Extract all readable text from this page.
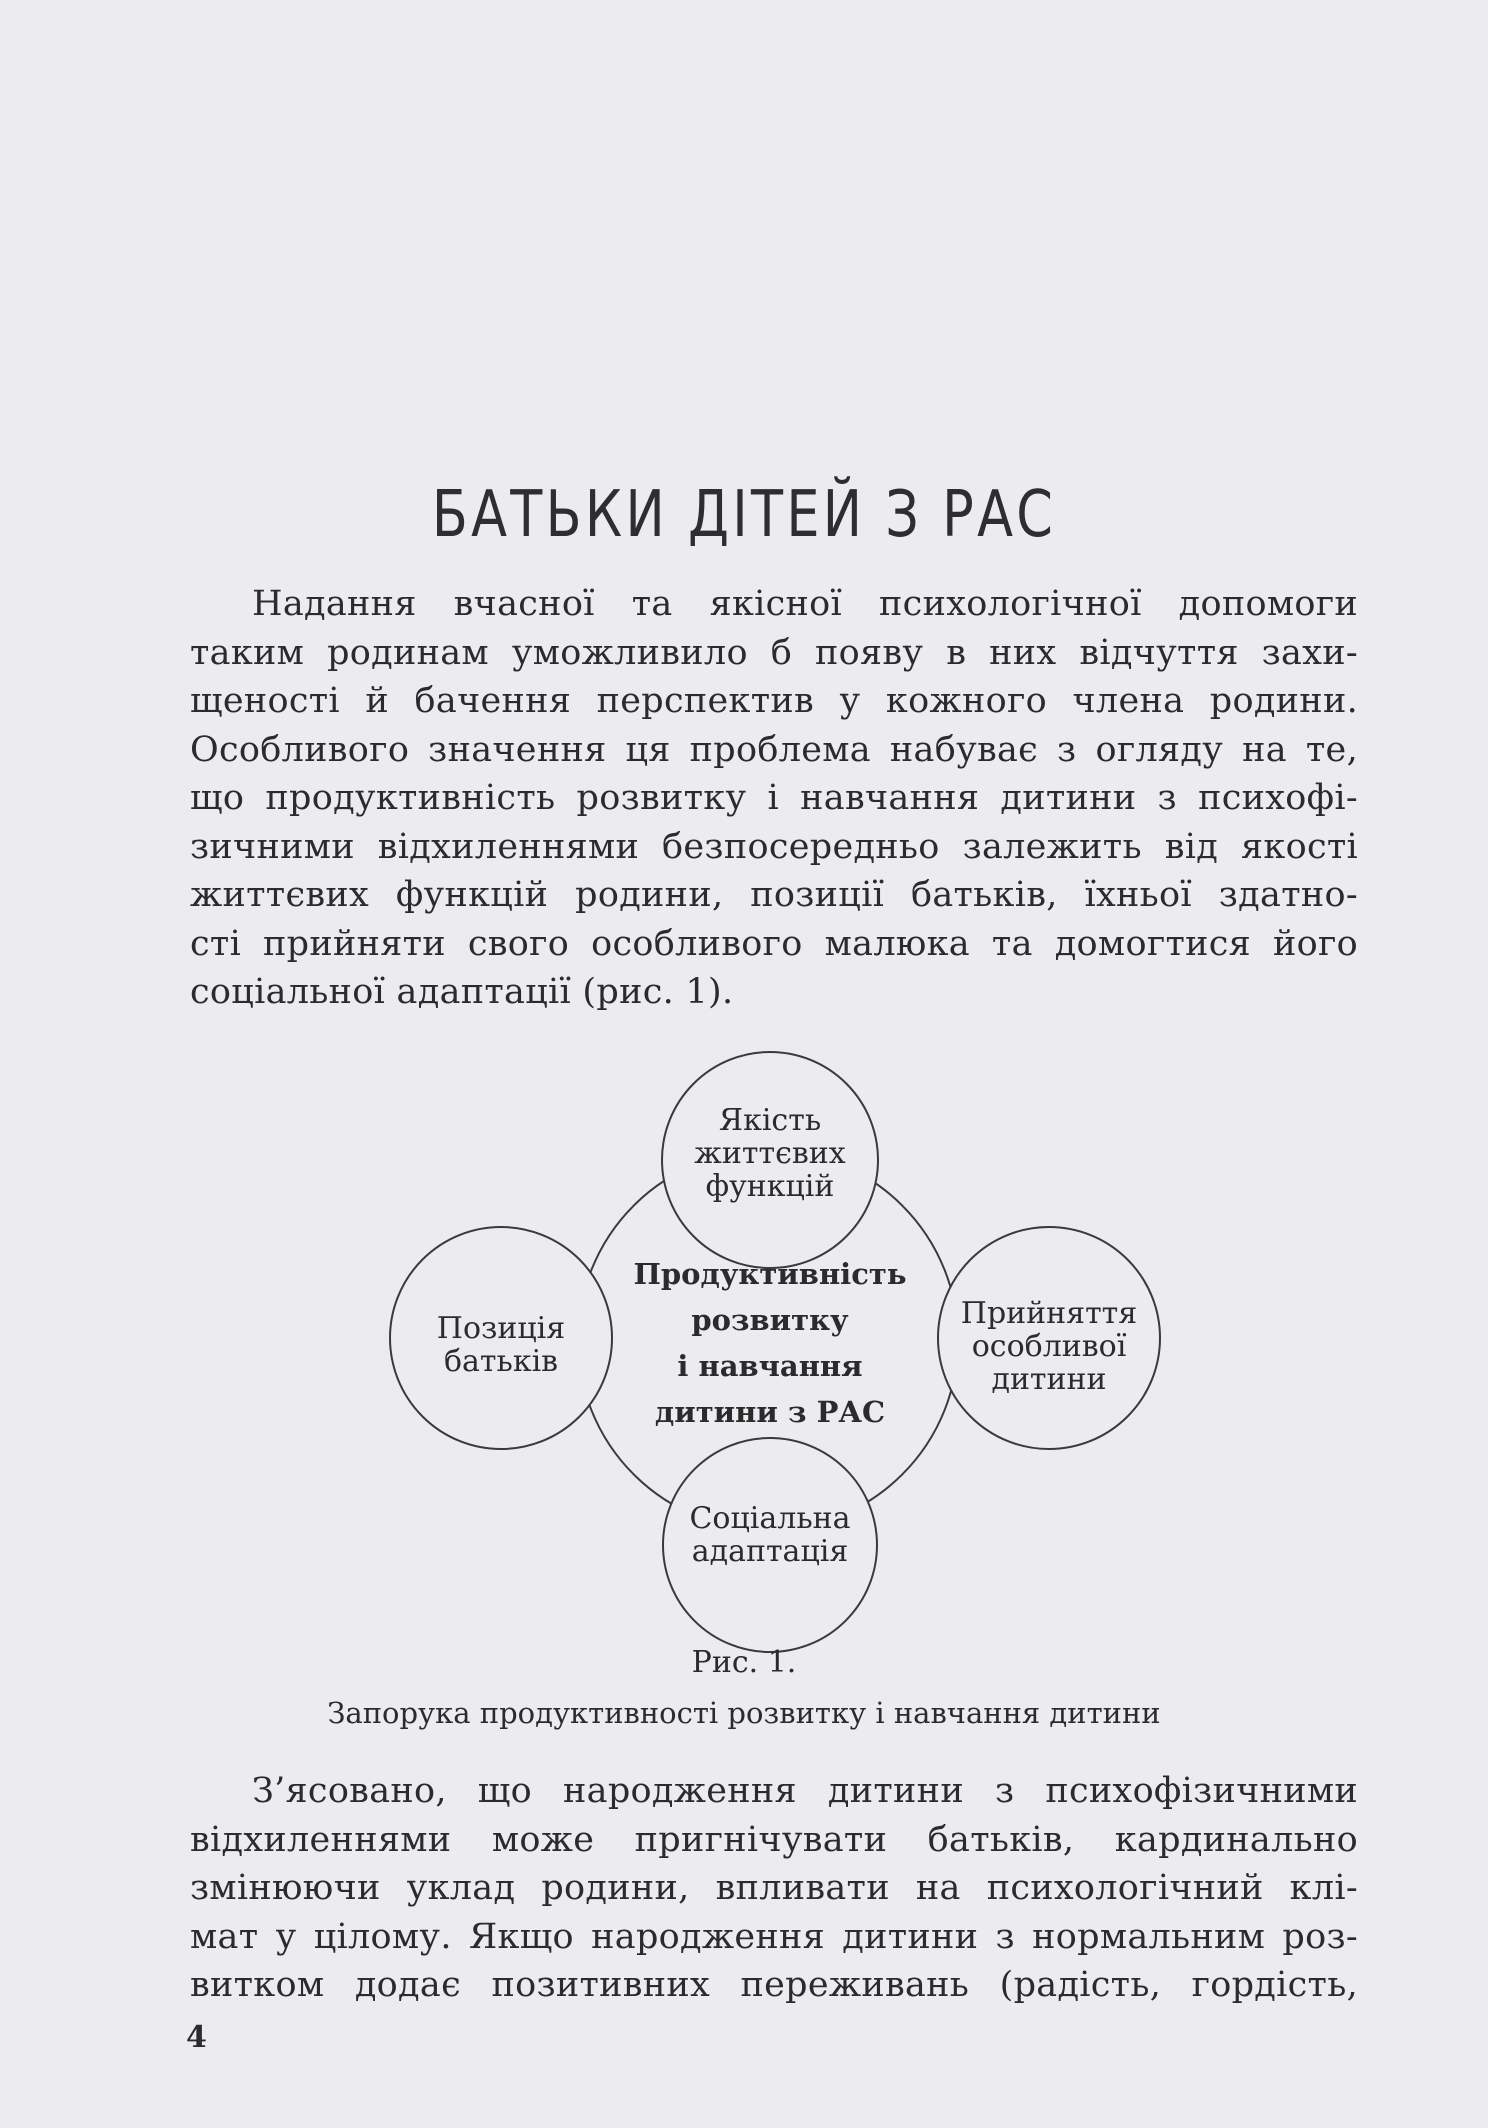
БАТЬКИ ДІТЕЙ З РАС
Надання вчасної та якісної психологічної допомоги
таким родинам уможливило б появу в них відчуття захи-
щеності й бачення перспектив у кожного члена родини.
Особливого значення ця проблема набуває з огляду на те,
що продуктивність розвитку і навчання дитини з психофі-
зичними відхиленнями безпосередньо залежить від якості
життєвих функцій родини, позиції батьків, їхньої здатно-
сті прийняти свого особливого малюка та домогтися його
соціальної адаптації (рис. 1).
Якість
життєвих
функцій
Позиція
батьків
Прийняття
особливої
дитини
Соціальна
адаптація
Продуктивність
розвитку
і навчання
дитини з РАС

Рис. 1.

Запорука продуктивності розвитку і навчання дитини

З’ясовано, що народження дитини з психофізичними
відхиленнями може пригнічувати батьків, кардинально
змінюючи уклад родини, впливати на психологічний клі-
мат у цілому. Якщо народження дитини з нормальним роз-
витком додає позитивних переживань (радість, гордість,

4
